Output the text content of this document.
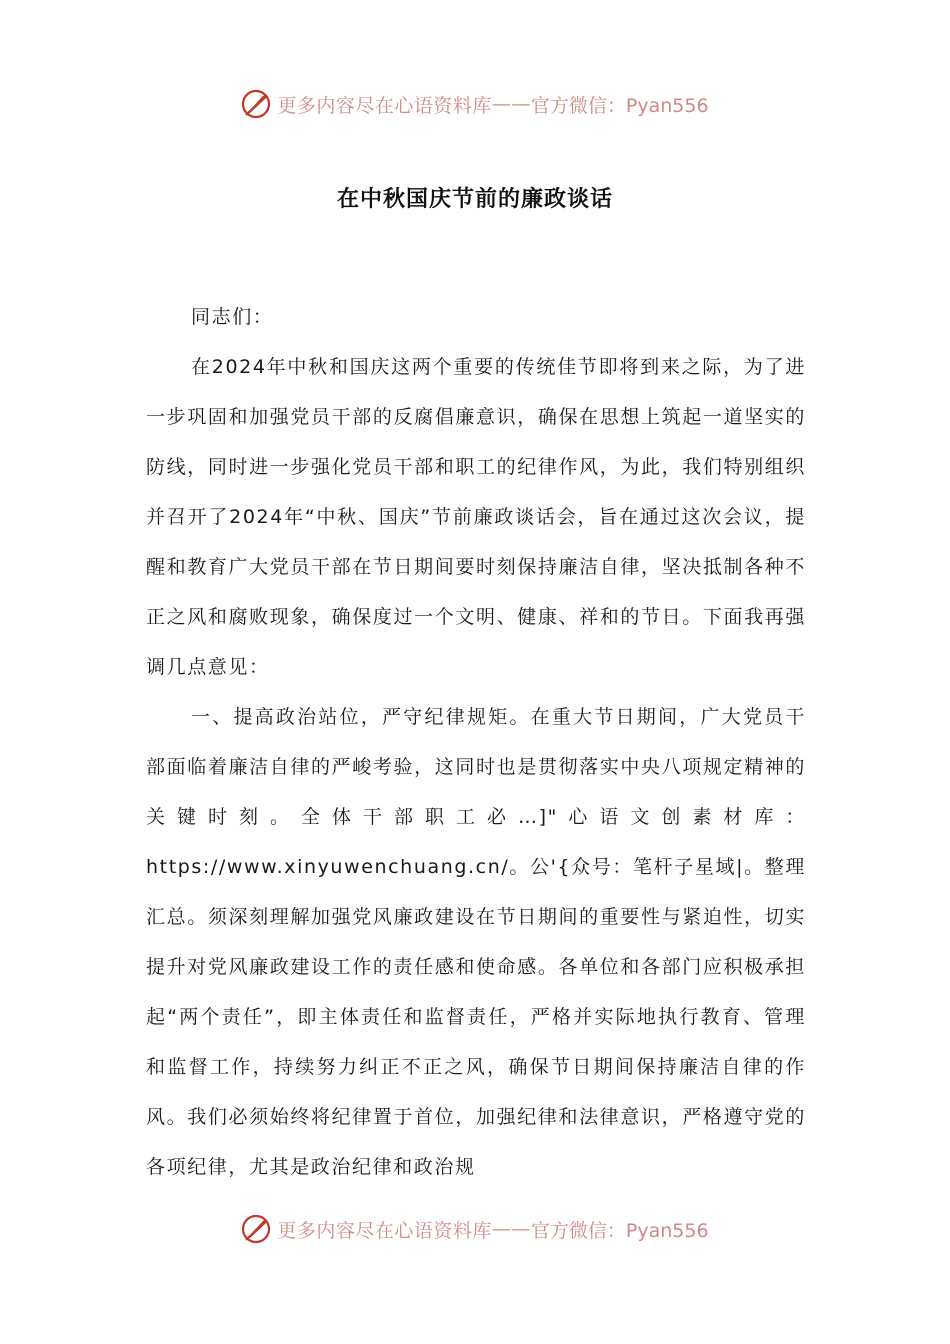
更多内容尽在心语资料库 —— 官方微信：Pyan556
在中秋国庆节前的廉政谈话

同志们：

在2024年中秋和国庆这两个重要的传统佳节即将到来之际，为了进一步巩固和加强党员干部的反腐倡廉意识，确保在思想上筑起一道坚实的防线，同时进一步强化党员干部和职工的纪律作风，为此，我们特别组织并召开了2024年“中秋、国庆”节前廉政谈话会，旨在通过这次会议，提醒和教育广大党员干部在节日期间要时刻保持廉洁自律，坚决抵制各种不正之风和腐败现象，确保度过一个文明、健康、祥和的节日。下面我再强调几点意见：

一、提高政治站位，严守纪律规矩。在重大节日期间，广大党员干部面临着廉洁自律的严峻考验，这同时也是贯彻落实中央八项规定精神的关键时刻。全体干部职工必…]"心语文创素材库：https://www.xinyuwenchuang.cn/。公'{众号：笔杆子星域|。整理汇总。须深刻理解加强党风廉政建设在节日期间的重要性与紧迫性，切实提升对党风廉政建设工作的责任感和使命感。各单位和各部门应积极承担起“两个责任”，即主体责任和监督责任，严格并实际地执行教育、管理和监督工作，持续努力纠正不正之风，确保节日期间保持廉洁自律的作风。我们必须始终将纪律置于首位，加强纪律和法律意识，严格遵守党的各项纪律，尤其是政治纪律和政治规

更多内容尽在心语资料库 —— 官方微信：Pyan556
